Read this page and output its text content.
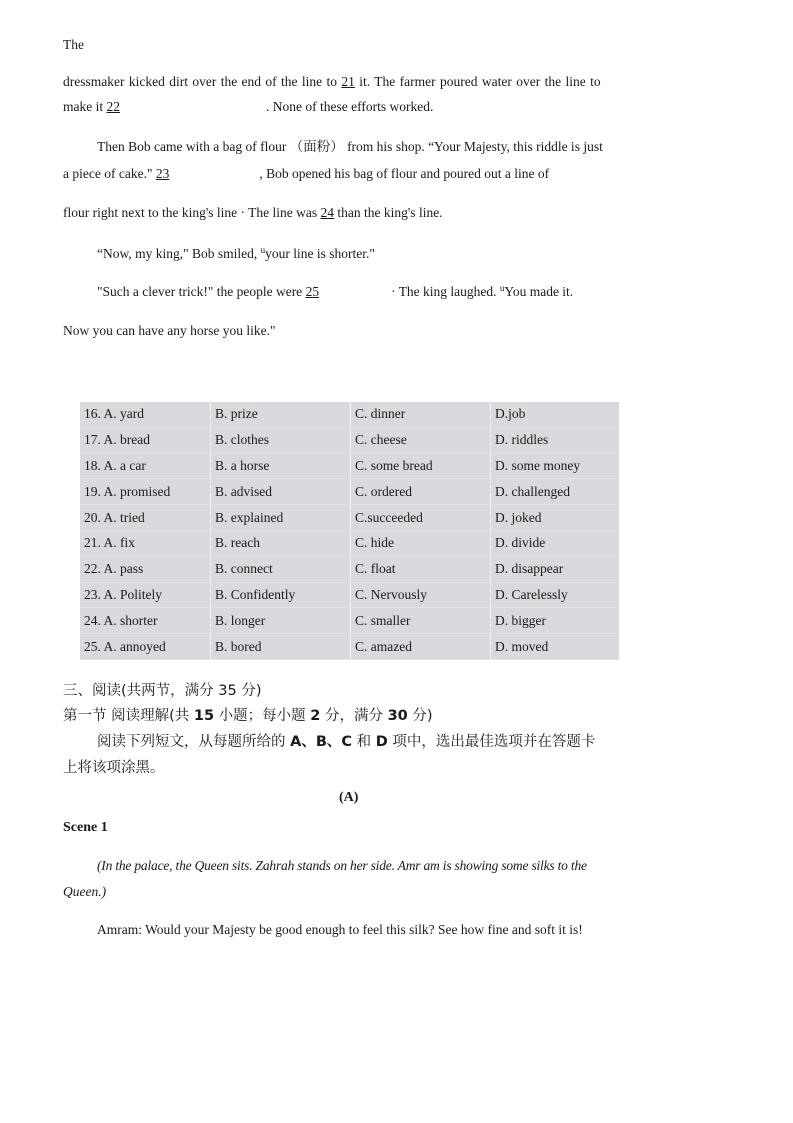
The
dressmaker kicked dirt over the end of the line to 21 it. The farmer poured water over the line to
make it 22	. None of these efforts worked.
Then Bob came with a bag of flour （面粉） from his shop. “Your Majesty, this riddle is just
a piece of cake." 23	, Bob opened his bag of flour and poured out a line of
flour right next to the king's line · The line was 24 than the king's line.
“Now, my king," Bob smiled, $^u$your line is shorter."
"Such a clever trick!" the people were 25	· The king laughed. $^u$You made it.
Now you can have any horse you like."
16. A. yard	B. prize	C. dinner	D.job
17. A. bread	B. clothes	C. cheese	D. riddles
18. A. a car	B. a horse	C. some bread	D. some money
19. A. promised	B. advised	C. ordered	D. challenged
20. A. tried	B. explained	C.succeeded	D. joked
21. A. fix	B. reach	C. hide	D. divide
22. A. pass	B. connect	C. float	D. disappear
23. A. Politely	B. Confidently	C. Nervously	D. Carelessly
24. A. shorter	B. longer	C. smaller	D. bigger
25. A. annoyed	B. bored	C. amazed	D. moved
三、阅读(共两节，满分 35 分)
第一节 阅读理解(共 15 小题；每小题 2 分，满分 30 分)
阅读下列短文，从每题所给的 A、B、C 和 D 项中，选出最佳选项并在答题卡
上将该项涂黑。
(A)
Scene 1
(In the palace, the Queen sits. Zahrah stands on her side. Amr am is showing some silks to the
Queen.)
Amram: Would your Majesty be good enough to feel this silk? See how fine and soft it is!
